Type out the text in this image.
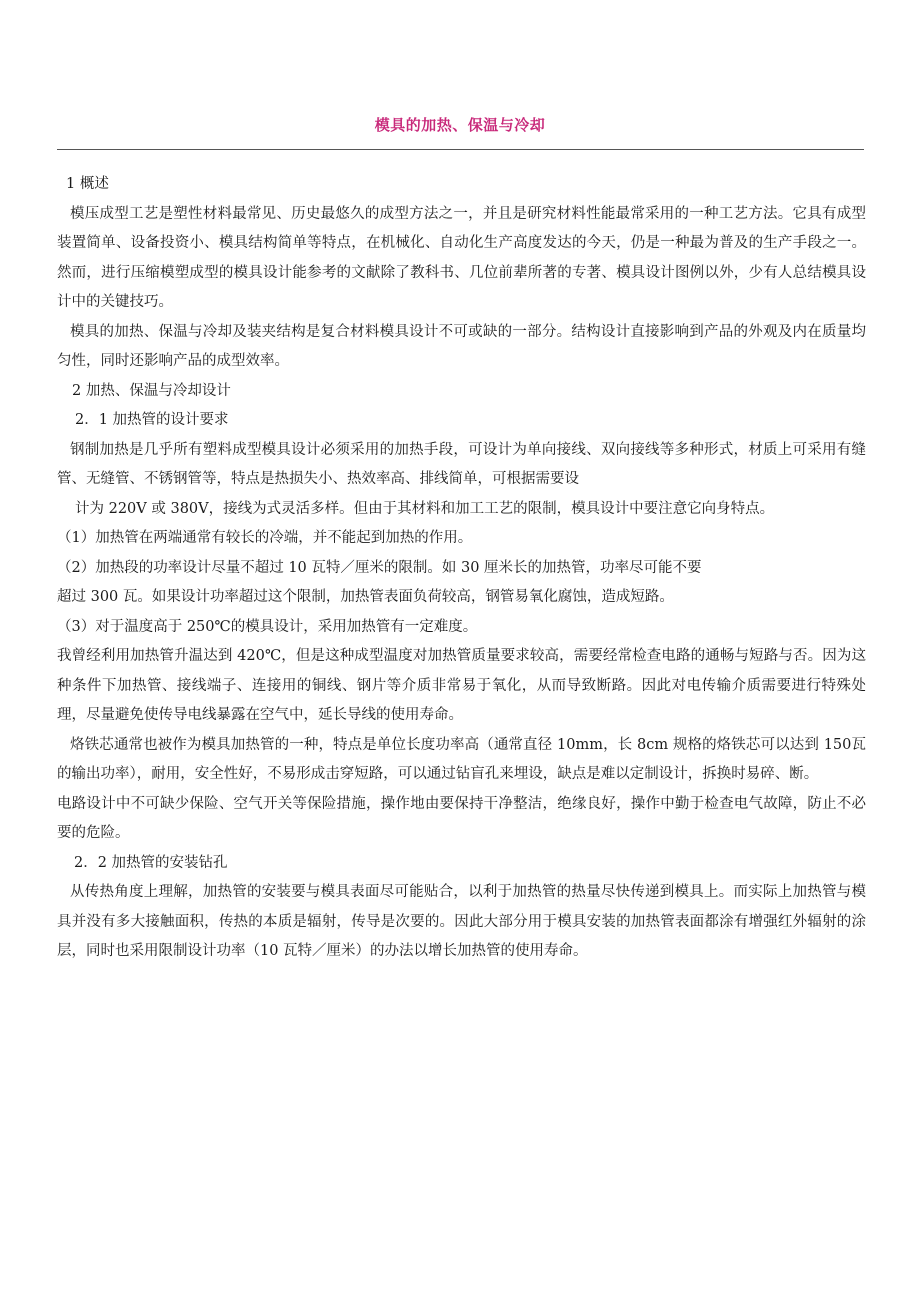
模具的加热、保温与冷却

1 概述

模压成型工艺是塑性材料最常见、历史最悠久的成型方法之一，并且是研究材料性能最常采用的一种工艺方法。它具有成型装置简单、设备投资小、模具结构简单等特点，在机械化、自动化生产高度发达的今天，仍是一种最为普及的生产手段之一。然而，进行压缩模塑成型的模具设计能参考的文献除了教科书、几位前辈所著的专著、模具设计图例以外，少有人总结模具设计中的关键技巧。

模具的加热、保温与冷却及装夹结构是复合材料模具设计不可或缺的一部分。结构设计直接影响到产品的外观及内在质量均匀性，同时还影响产品的成型效率。

2 加热、保温与冷却设计

2．1 加热管的设计要求

钢制加热是几乎所有塑料成型模具设计必须采用的加热手段，可设计为单向接线、双向接线等多种形式，材质上可采用有缝管、无缝管、不锈钢管等，特点是热损失小、热效率高、排线简单，可根据需要设

计为 220V 或 380V，接线为式灵活多样。但由于其材料和加工工艺的限制，模具设计中要注意它向身特点。

（1）加热管在两端通常有较长的冷端，并不能起到加热的作用。

（2）加热段的功率设计尽量不超过 10 瓦特／厘米的限制。如 30 厘米长的加热管，功率尽可能不要

超过 300 瓦。如果设计功率超过这个限制，加热管表面负荷较高，钢管易氧化腐蚀，造成短路。

（3）对于温度高于 250℃的模具设计，采用加热管有一定难度。

我曾经利用加热管升温达到 420℃，但是这种成型温度对加热管质量要求较高，需要经常检查电路的通畅与短路与否。因为这种条件下加热管、接线端子、连接用的铜线、钢片等介质非常易于氧化，从而导致断路。因此对电传输介质需要进行特殊处理，尽量避免使传导电线暴露在空气中，延长导线的使用寿命。

烙铁芯通常也被作为模具加热管的一种，特点是单位长度功率高（通常直径 10mm，长 8cm 规格的烙铁芯可以达到 150瓦的输出功率），耐用，安全性好，不易形成击穿短路，可以通过钻盲孔来埋设，缺点是难以定制设计，拆换时易碎、断。

电路设计中不可缺少保险、空气开关等保险措施，操作地由要保持干净整洁，绝缘良好，操作中勤于检查电气故障，防止不必要的危险。

2．2 加热管的安装钻孔

从传热角度上理解，加热管的安装要与模具表面尽可能贴合，以利于加热管的热量尽快传递到模具上。而实际上加热管与模具并没有多大接触面积，传热的本质是辐射，传导是次要的。因此大部分用于模具安装的加热管表面都涂有增强红外辐射的涂层，同时也采用限制设计功率（10 瓦特／厘米）的办法以增长加热管的使用寿命。
